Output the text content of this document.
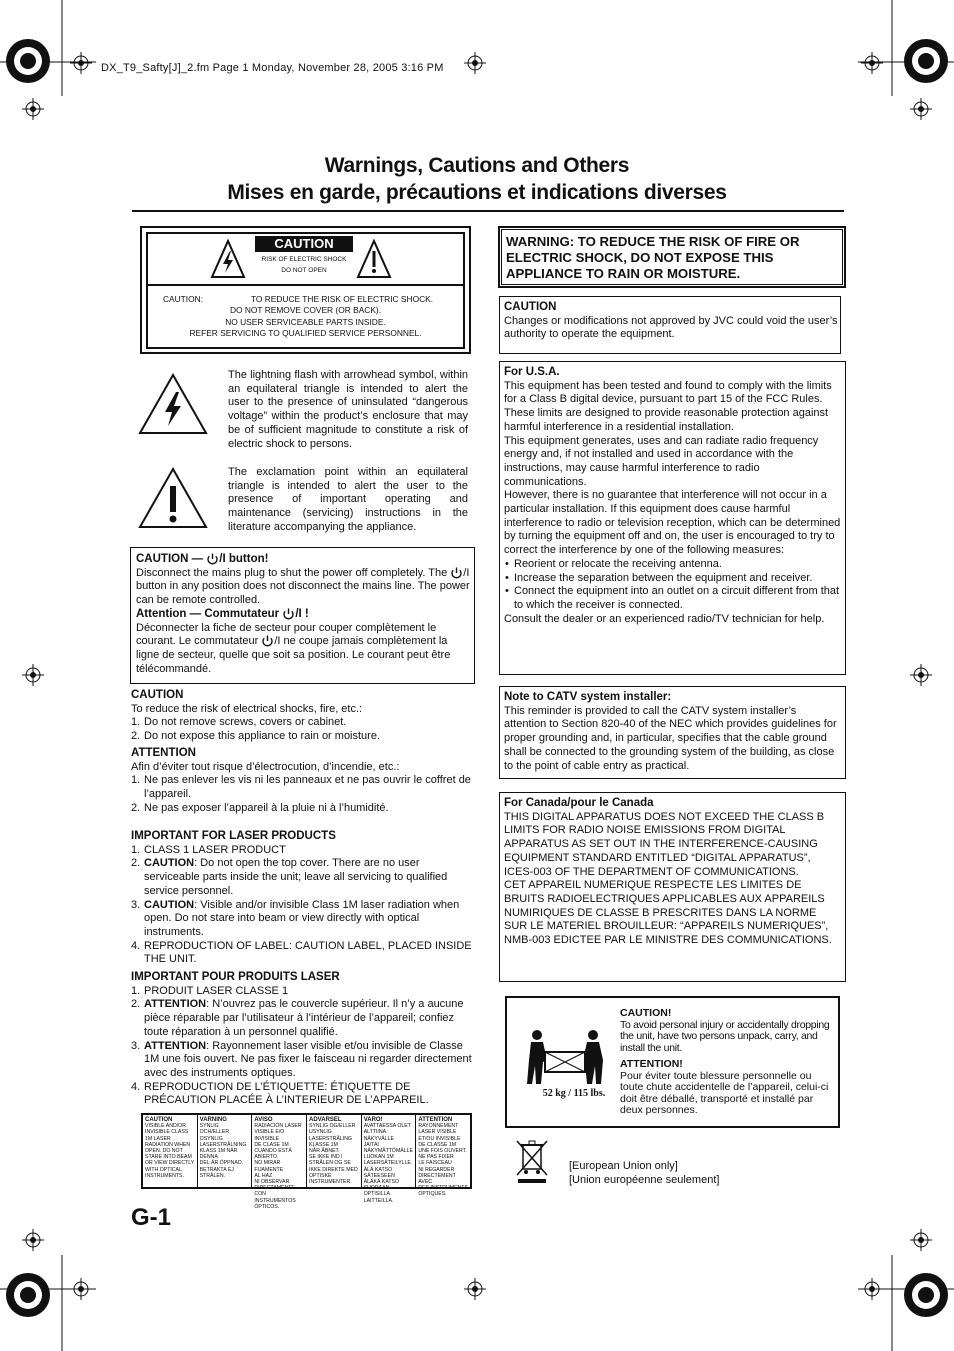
DX_T9_Safty[J]_2.fm Page 1 Monday, November 28, 2005 3:16 PM
Warnings, Cautions and Others
Mises en garde, précautions et indications diverses
CAUTION
RISK OF ELECTRIC SHOCK
DO NOT OPEN
CAUTION:	TO REDUCE THE RISK OF ELECTRIC SHOCK.
DO NOT REMOVE COVER (OR BACK).
NO USER SERVICEABLE PARTS INSIDE.
REFER SERVICING TO QUALIFIED SERVICE PERSONNEL.
The lightning flash with arrowhead symbol, within an equilateral triangle is intended to alert the user to the presence of uninsulated “dangerous voltage” within the product’s enclosure that may be of sufficient magnitude to constitute a risk of electric shock to persons.
The exclamation point within an equilateral triangle is intended to alert the user to the presence of important operating and maintenance (servicing) instructions in the literature accompanying the appliance.
CAUTION — /I button!
Disconnect the mains plug to shut the power off completely. The /I button in any position does not disconnect the mains line. The power can be remote controlled.
Attention — Commutateur /I !
Déconnecter la fiche de secteur pour couper complètement le courant. Le commutateur /I ne coupe jamais complètement la ligne de secteur, quelle que soit sa position. Le courant peut être télécommandé.
CAUTION
To reduce the risk of electrical shocks, fire, etc.:
1. Do not remove screws, covers or cabinet.
2. Do not expose this appliance to rain or moisture.
ATTENTION
Afin d’éviter tout risque d’électrocution, d’incendie, etc.:
1. Ne pas enlever les vis ni les panneaux et ne pas ouvrir le coffret de l’appareil.
2. Ne pas exposer l’appareil à la pluie ni à l’humidité.
IMPORTANT FOR LASER PRODUCTS
1. CLASS 1 LASER PRODUCT
2. CAUTION: Do not open the top cover. There are no user serviceable parts inside the unit; leave all servicing to qualified service personnel.
3. CAUTION: Visible and/or invisible Class 1M laser radiation when open. Do not stare into beam or view directly with optical instruments.
4. REPRODUCTION OF LABEL: CAUTION LABEL, PLACED INSIDE THE UNIT.
IMPORTANT POUR PRODUITS LASER
1. PRODUIT LASER CLASSE 1
2. ATTENTION: N’ouvrez pas le couvercle supérieur. Il n’y a aucune pièce réparable par l’utilisateur à l’intérieur de l’appareil; confiez toute réparation à un personnel qualifié.
3. ATTENTION: Rayonnement laser visible et/ou invisible de Classe 1M une fois ouvert. Ne pas fixer le faisceau ni regarder directement avec des instruments optiques.
4. REPRODUCTION DE L’ÉTIQUETTE: ÉTIQUETTE DE PRÉCAUTION PLACÉE À L’INTERIEUR DE L’APPAREIL.
CAUTION
VISIBLE AND/OR
INVISIBLE CLASS
1M LASER
RADIATION WHEN
OPEN. DO NOT
STARE INTO BEAM
OR VIEW DIRECTLY
WITH OPTICAL
INSTRUMENTS.
VARNING
SYNLIG OCH/ELLER
OSYNLIG
LASERSTRÅLNING
KLASS 1M NÄR DENNA
DEL ÄR ÖPPNAD.
BETRAKTA EJ
STRÅLEN.
AVISO
RADIACIÓN LÁSER
VISIBLE E/O INVISIBLE
DE CLASE 1M
CUANDO ESTÁ
ABIERTO.
NO MIRAR FIJAMENTE
AL HAZ
NI OBSERVAR
DIRECTAMENTE
CON INSTRUMENTOS
ÓPTICOS.
ADVARSEL
SYNLIG OG/ELLER
USYNLIG
LASERSTRÅLING
KLASSE 1M
NÅR ÅBNET.
SE IKKE IND I
STRÅLEN OG SE
IKKE DIREKTE MED
OPTISKE
INSTRUMENTER.
VARO!
AVATTAESSA OLET
ALTTIINA NÄKYVÄLLE
JA/TAI
NÄKYMÄTTÖMÄLLE
LUOKAN 1M
LASERSÄTEILYLLE.
ÄLÄ KATSO SÄTEESEEN
ÄLÄKÄ KATSO
SUORAAN
OPTISILLA
LAITTEILLA.
ATTENTION
RAYONNEMENT
LASER VISIBLE
ET/OU INVISIBLE
DE CLASSE 1M
UNE FOIS OUVERT.
NE PAS FIXER
LE FAISCEAU
NI REGARDER
DIRECTEMENT AVEC
DES INSTRUMENTS
OPTIQUES.
G-1
WARNING: TO REDUCE THE RISK OF FIRE OR ELECTRIC SHOCK, DO NOT EXPOSE THIS APPLIANCE TO RAIN OR MOISTURE.
CAUTION
Changes or modifications not approved by JVC could void the user’s authority to operate the equipment.
For U.S.A.
This equipment has been tested and found to comply with the limits for a Class B digital device, pursuant to part 15 of the FCC Rules. These limits are designed to provide reasonable protection against harmful interference in a residential installation.
This equipment generates, uses and can radiate radio frequency energy and, if not installed and used in accordance with the instructions, may cause harmful interference to radio communications.
However, there is no guarantee that interference will not occur in a particular installation. If this equipment does cause harmful interference to radio or television reception, which can be determined by turning the equipment off and on, the user is encouraged to try to correct the interference by one of the following measures:
• Reorient or relocate the receiving antenna.
• Increase the separation between the equipment and receiver.
• Connect the equipment into an outlet on a circuit different from that to which the receiver is connected.
Consult the dealer or an experienced radio/TV technician for help.
Note to CATV system installer:
This reminder is provided to call the CATV system installer’s attention to Section 820-40 of the NEC which provides guidelines for proper grounding and, in particular, specifies that the cable ground shall be connected to the grounding system of the building, as close to the point of cable entry as practical.
For Canada/pour le Canada
THIS DIGITAL APPARATUS DOES NOT EXCEED THE CLASS B LIMITS FOR RADIO NOISE EMISSIONS FROM DIGITAL APPARATUS AS SET OUT IN THE INTERFERENCE-CAUSING EQUIPMENT STANDARD ENTITLED “DIGITAL APPARATUS”, ICES-003 OF THE DEPARTMENT OF COMMUNICATIONS.
CET APPAREIL NUMERIQUE RESPECTE LES LIMITES DE BRUITS RADIOELECTRIQUES APPLICABLES AUX APPAREILS NUMIRIQUES DE CLASSE B PRESCRITES DANS LA NORME SUR LE MATERIEL BROUILLEUR: “APPAREILS NUMERIQUES”, NMB-003 EDICTEE PAR LE MINISTRE DES COMMUNICATIONS.
52 kg / 115 lbs.
CAUTION!
To avoid personal injury or accidentally dropping the unit, have two persons unpack, carry, and install the unit.
ATTENTION!
Pour éviter toute blessure personnelle ou toute chute accidentelle de l’appareil, celui-ci doit être déballé, transporté et installé par deux personnes.
[European Union only]
[Union européenne seulement]
